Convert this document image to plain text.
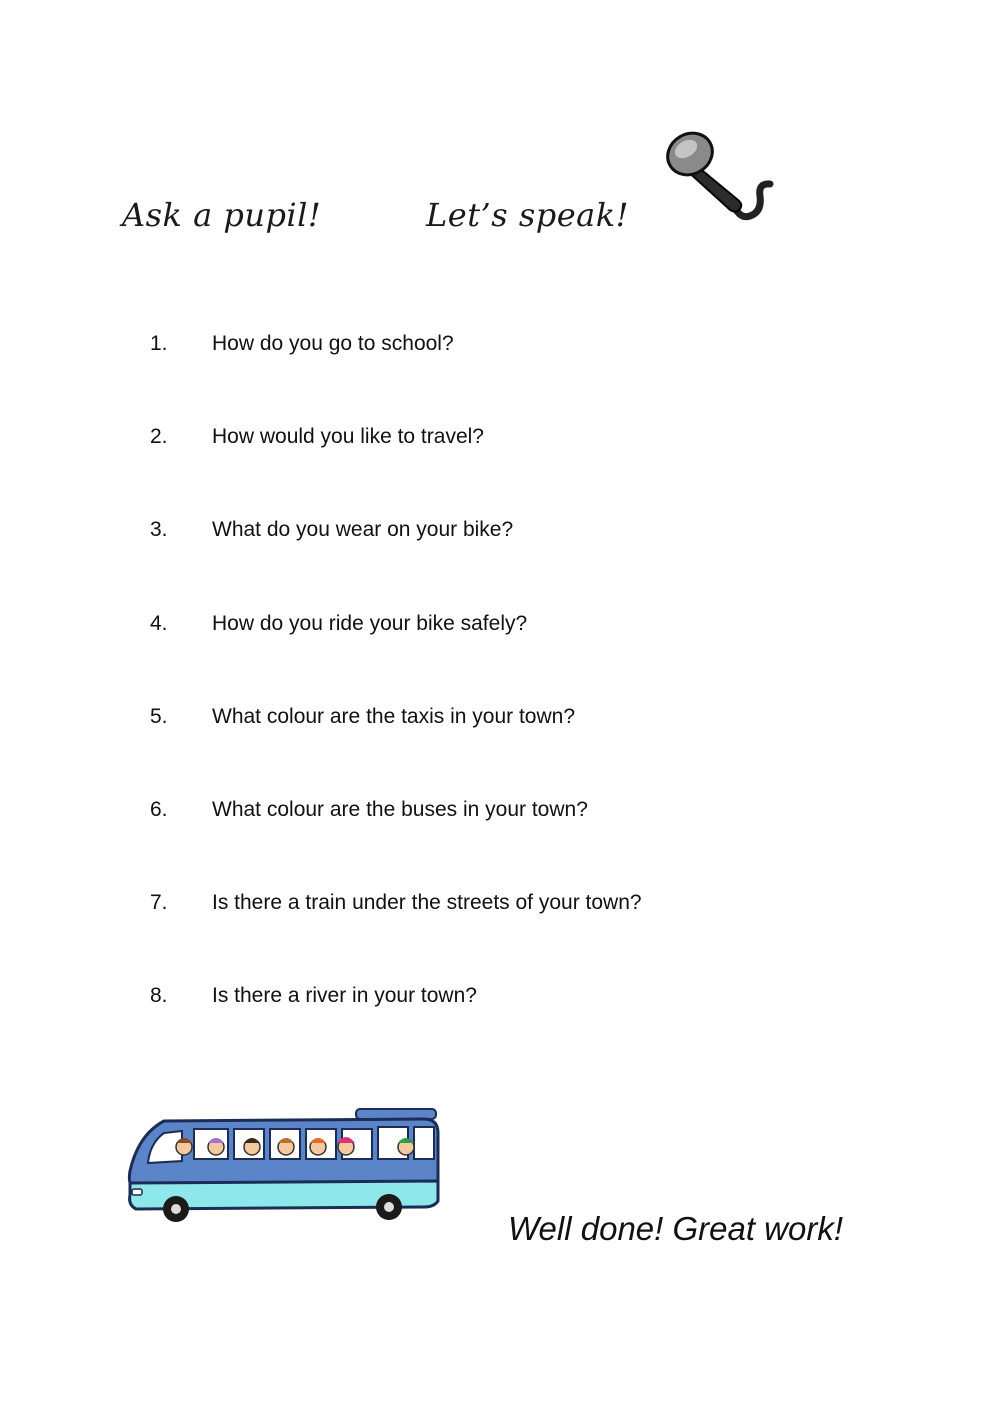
Ask a pupil!	Let’s speak!
1. How do you go to school?
2. How would you like to travel?
3. What do you wear on your bike?
4. How do you ride your bike safely?
5. What colour are the taxis in your town?
6. What colour are the buses in your town?
7. Is there a train under the streets of your town?
8. Is there a river in your town?
Well done! Great work!
